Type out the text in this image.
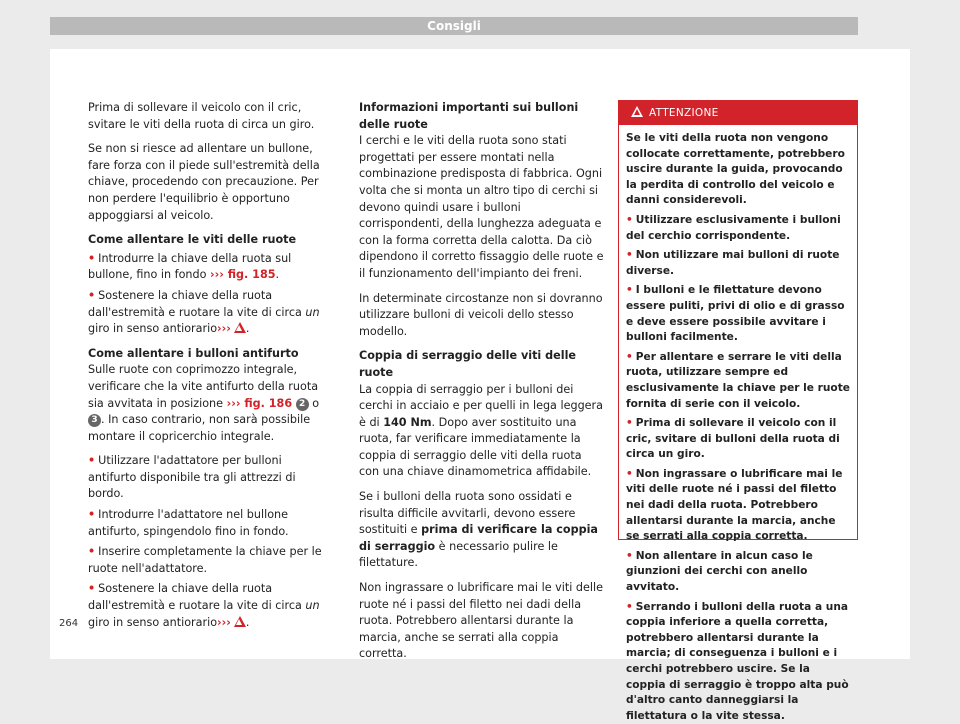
Consigli

Prima di sollevare il veicolo con il cric, svitare le viti della ruota di circa un giro.

Se non si riesce ad allentare un bullone, fare forza con il piede sull'estremità della chiave, procedendo con precauzione. Per non perdere l'equilibrio è opportuno appoggiarsi al veicolo.

Come allentare le viti delle ruote

• Introdurre la chiave della ruota sul bullone, fino in fondo ››› fig. 185.
• Sostenere la chiave della ruota dall'estremità e ruotare la vite di circa un giro in senso antiorario››› .

Come allentare i bulloni antifurto

Sulle ruote con coprimozzo integrale, verificare che la vite antifurto della ruota sia avvitata in posizione ››› fig. 186 2 o 3 . In caso contrario, non sarà possibile montare il copricerchio integrale.

• Utilizzare l'adattatore per bulloni antifurto disponibile tra gli attrezzi di bordo.
• Introdurre l'adattatore nel bullone antifurto, spingendolo fino in fondo.
• Inserire completamente la chiave per le ruote nell'adattatore.
• Sostenere la chiave della ruota dall'estremità e ruotare la vite di circa un giro in senso antiorario››› .

Informazioni importanti sui bulloni delle ruote

I cerchi e le viti della ruota sono stati progettati per essere montati nella combinazione predisposta di fabbrica. Ogni volta che si monta un altro tipo di cerchi si devono quindi usare i bulloni corrispondenti, della lunghezza adeguata e con la forma corretta della calotta. Da ciò dipendono il corretto fissaggio delle ruote e il funzionamento dell'impianto dei freni.

In determinate circostanze non si dovranno utilizzare bulloni di veicoli dello stesso modello.

Coppia di serraggio delle viti delle ruote

La coppia di serraggio per i bulloni dei cerchi in acciaio e per quelli in lega leggera è di 140 Nm. Dopo aver sostituito una ruota, far verificare immediatamente la coppia di serraggio delle viti della ruota con una chiave dinamometrica affidabile.

Se i bulloni della ruota sono ossidati e risulta difficile avvitarli, devono essere sostituiti e prima di verificare la coppia di serraggio è necessario pulire le filettature.

Non ingrassare o lubrificare mai le viti delle ruote né i passi del filetto nei dadi della ruota. Potrebbero allentarsi durante la marcia, anche se serrati alla coppia corretta.

ATTENZIONE

Se le viti della ruota non vengono collocate correttamente, potrebbero uscire durante la guida, provocando la perdita di controllo del veicolo e danni considerevoli.

• Utilizzare esclusivamente i bulloni del cerchio corrispondente.
• Non utilizzare mai bulloni di ruote diverse.
• I bulloni e le filettature devono essere puliti, privi di olio e di grasso e deve essere possibile avvitare i bulloni facilmente.
• Per allentare e serrare le viti della ruota, utilizzare sempre ed esclusivamente la chiave per le ruote fornita di serie con il veicolo.
• Prima di sollevare il veicolo con il cric, svitare di bulloni della ruota di circa un giro.
• Non ingrassare o lubrificare mai le viti delle ruote né i passi del filetto nei dadi della ruota. Potrebbero allentarsi durante la marcia, anche se serrati alla coppia corretta.
• Non allentare in alcun caso le giunzioni dei cerchi con anello avvitato.
• Serrando i bulloni della ruota a una coppia inferiore a quella corretta, potrebbero allentarsi durante la marcia; di conseguenza i bulloni e i cerchi potrebbero uscire. Se la coppia di serraggio è troppo alta può d'altro canto danneggiarsi la filettatura o la vite stessa.
264
